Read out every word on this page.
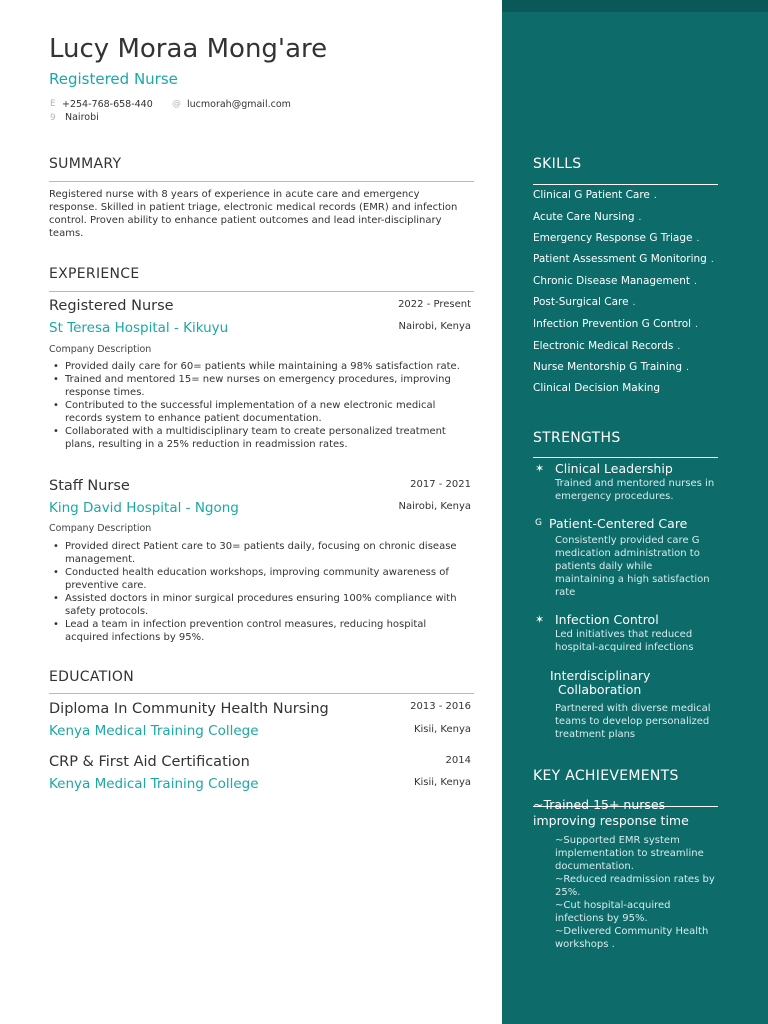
Lucy Moraa Mong'are
Registered Nurse
E +254-768-658-440 @ lucmorah@gmail.com
9 Nairobi
SUMMARY
Registered nurse with 8 years of experience in acute care and emergency response. Skilled in patient triage, electronic medical records (EMR) and infection control. Proven ability to enhance patient outcomes and lead inter-disciplinary teams.
EXPERIENCE
Registered Nurse	2022 - Present
St Teresa Hospital - Kikuyu	Nairobi, Kenya
Company Description
• Provided daily care for 60= patients while maintaining a 98% satisfaction rate.
• Trained and mentored 15= new nurses on emergency procedures, improving response times.
• Contributed to the successful implementation of a new electronic medical records system to enhance patient documentation.
• Collaborated with a multidisciplinary team to create personalized treatment plans, resulting in a 25% reduction in readmission rates.
Staff Nurse	2017 - 2021
King David Hospital - Ngong	Nairobi, Kenya
Company Description
• Provided direct Patient care to 30= patients daily, focusing on chronic disease management.
• Conducted health education workshops, improving community awareness of preventive care.
• Assisted doctors in minor surgical procedures ensuring 100% compliance with safety protocols.
• Lead a team in infection prevention control measures, reducing hospital acquired infections by 95%.
EDUCATION
Diploma In Community Health Nursing	2013 - 2016
Kenya Medical Training College	Kisii, Kenya
CRP & First Aid Certification	2014
Kenya Medical Training College	Kisii, Kenya
SKILLS
Clinical G Patient Care .
Acute Care Nursing .
Emergency Response G Triage .
Patient Assessment G Monitoring .
Chronic Disease Management .
Post-Surgical Care .
Infection Prevention G Control .
Electronic Medical Records .
Nurse Mentorship G Training .
Clinical Decision Making
STRENGTHS
✶ Clinical Leadership
Trained and mentored nurses in emergency procedures.
G Patient-Centered Care
Consistently provided care G medication administration to patients daily while maintaining a high satisfaction rate
✶ Infection Control
Led initiatives that reduced hospital-acquired infections
Interdisciplinary
Collaboration
Partnered with diverse medical teams to develop personalized treatment plans
KEY ACHIEVEMENTS
~Trained 15+ nurses
improving response time
~Supported EMR system implementation to streamline documentation.
~Reduced readmission rates by 25%.
~Cut hospital-acquired infections by 95%.
~Delivered Community Health workshops .
